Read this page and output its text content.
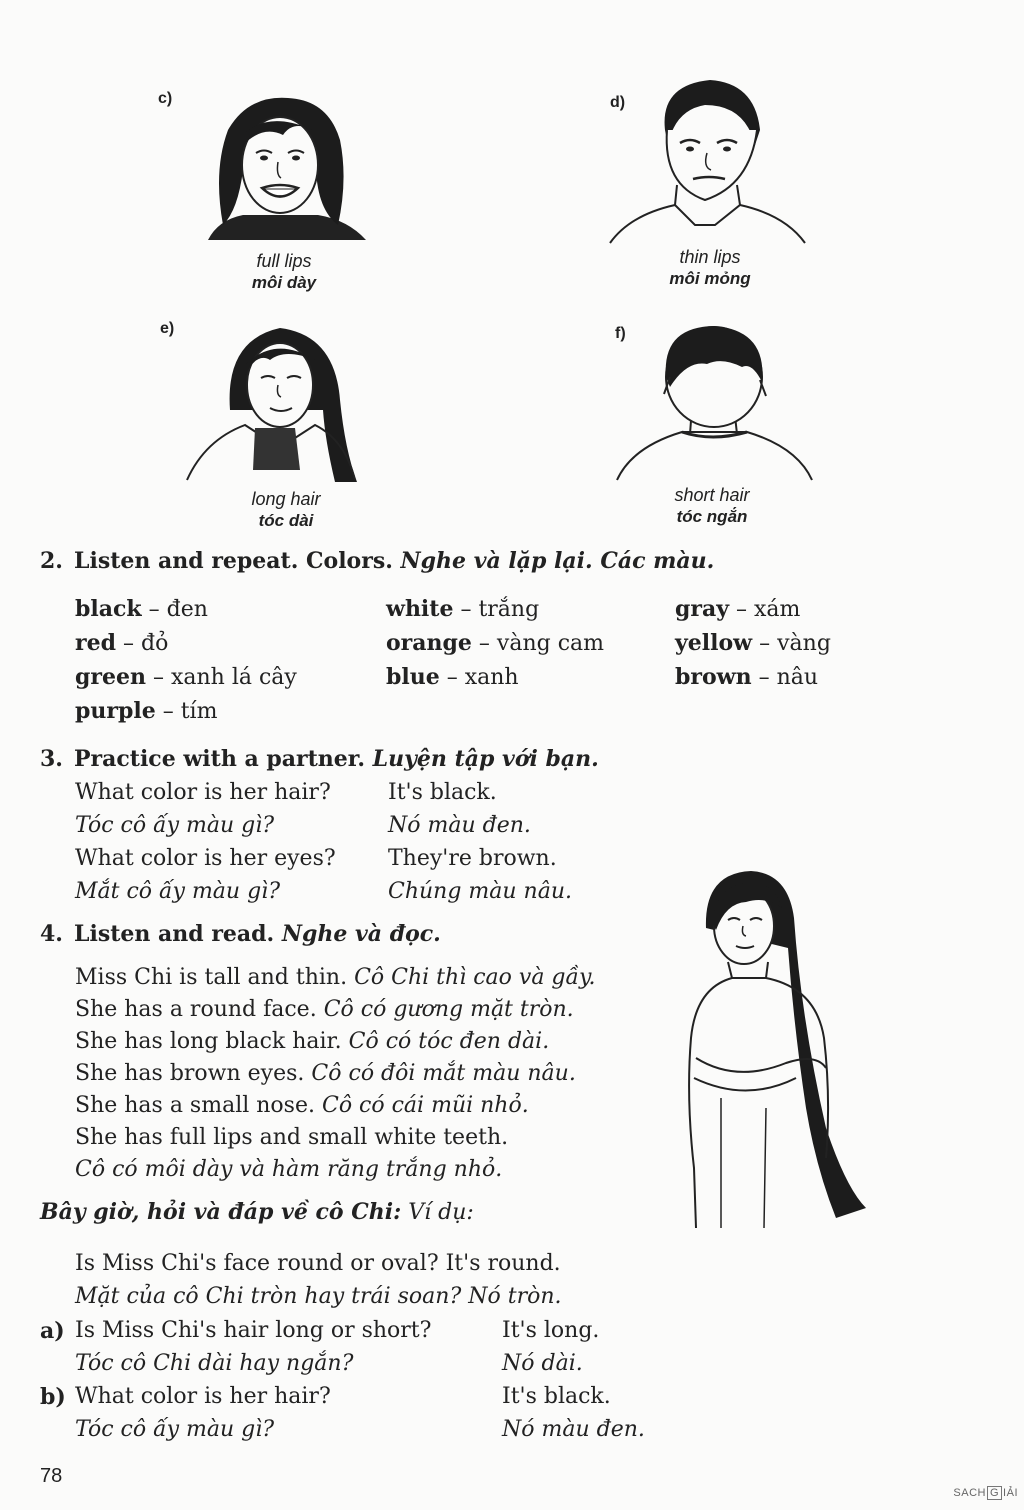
c)
full lips
môi dày
d)
thin lips
môi mỏng
e)
long hair
tóc dài
f)
short hair
tóc ngắn
2. Listen and repeat. Colors. Nghe và lặp lại. Các màu.
black – đen	white – trắng	gray – xám
red – đỏ	orange – vàng cam	yellow – vàng
green – xanh lá cây	blue – xanh	brown – nâu
purple – tím
3. Practice with a partner. Luyện tập với bạn.
What color is her hair?	It's black.
Tóc cô ấy màu gì?	Nó màu đen.
What color is her eyes? They're brown.
Mắt cô ấy màu gì?	Chúng màu nâu.
4. Listen and read. Nghe và đọc.
Miss Chi is tall and thin. Cô Chi thì cao và gầy.
She has a round face. Cô có gương mặt tròn.
She has long black hair. Cô có tóc đen dài.
She has brown eyes. Cô có đôi mắt màu nâu.
She has a small nose. Cô có cái mũi nhỏ.
She has full lips and small white teeth.
Cô có môi dày và hàm răng trắng nhỏ.
Bây giờ, hỏi và đáp về cô Chi: Ví dụ:
Is Miss Chi's face round or oval? It's round.
Mặt của cô Chi tròn hay trái soan? Nó tròn.
a) Is Miss Chi's hair long or short?	It's long.
Tóc cô Chi dài hay ngắn?	Nó dài.
b) What color is her hair?	It's black.
Tóc cô ấy màu gì?	Nó màu đen.
78
SACH G IẢI
